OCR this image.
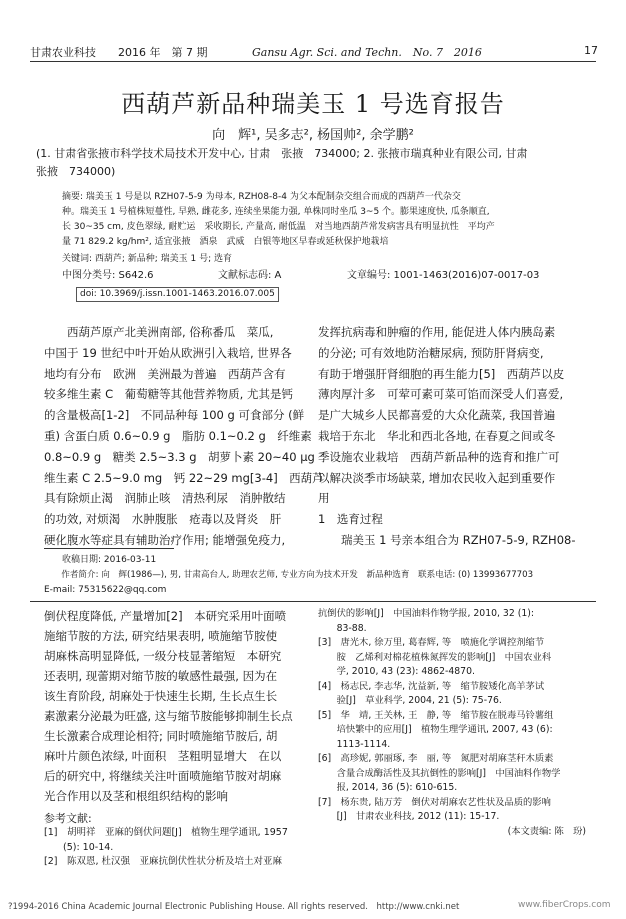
甘肃农业科技 2016 年　第 7 期	Gansu Agr. Sci. and Techn.　No. 7　2016	17
西葫芦新品种瑞美玉 1 号选育报告
向　辉¹, 吴多志², 杨国帅², 余学鹏²
(1. 甘肃省张掖市科学技术局技术开发中心, 甘肃　张掖　734000; 2. 张掖市瑞真种业有限公司, 甘肃
张掖　734000)
摘要: 瑞美玉 1 号是以 RZH07-5-9 为母本, RZH08-8-4 为父本配制杂交组合而成的西葫芦一代杂交
种。瑞美玉 1 号植株短蔓性, 早熟, 雌花多, 连续坐果能力强, 单株同时坐瓜 3~5 个。膨果速度快, 瓜条顺直,
长 30~35 cm, 皮色翠绿, 耐贮运　采收期长, 产量高, 耐低温　对当地西葫芦常发病害具有明显抗性　平均产
量 71 829.2 kg/hm², 适宜张掖　酒泉　武威　白银等地区早春或延秋保护地栽培
关键词: 西葫芦; 新品种; 瑞美玉 1 号; 选育
中图分类号: S642.6	文献标志码: A	文章编号: 1001-1463(2016)07-0017-03
doi: 10.3969/j.issn.1001-1463.2016.07.005
　　西葫芦原产北美洲南部, 俗称番瓜　菜瓜,
中国于 19 世纪中叶开始从欧洲引入栽培, 世界各
地均有分布　欧洲　美洲最为普遍　西葫芦含有
较多维生素 C　葡萄糖等其他营养物质, 尤其是钙
的含量极高[1-2]　不同品种每 100 g 可食部分 (鲜
重) 含蛋白质 0.6~0.9 g　脂肪 0.1~0.2 g　纤维素
0.8~0.9 g　糖类 2.5~3.3 g　胡萝卜素 20~40 μg
维生素 C 2.5~9.0 mg　钙 22~29 mg[3-4]　西葫芦
具有除烦止渴　润肺止咳　清热利尿　消肿散结
的功效, 对烦渴　水肿腹胀　疮毒以及肾炎　肝
硬化腹水等症具有辅助治疗作用; 能增强免疫力,
发挥抗病毒和肿瘤的作用, 能促进人体内胰岛素
的分泌; 可有效地防治糖尿病, 预防肝肾病变,
有助于增强肝肾细胞的再生能力[5]　西葫芦以皮
薄肉厚汁多　可荤可素可菜可馅而深受人们喜爱,
是广大城乡人民都喜爱的大众化蔬菜, 我国普遍
栽培于东北　华北和西北各地, 在春夏之间或冬
季设施农业栽培　西葫芦新品种的选育和推广可
以解决淡季市场缺菜, 增加农民收入起到重要作
用
1　选育过程
　　瑞美玉 1 号亲本组合为 RZH07-5-9, RZH08-
　　收稿日期: 2016-03-11
　　作者简介: 向　辉(1986—), 男, 甘肃高台人, 助理农艺师, 专业方向为技术开发　新品种选育　联系电话: (0) 13993677703
E-mail: 75315622@qq.com
倒伏程度降低, 产量增加[2]　本研究采用叶面喷
施缩节胺的方法, 研究结果表明, 喷施缩节胺使
胡麻株高明显降低, 一级分枝显著缩短　本研究
还表明, 现蕾期对缩节胺的敏感性最强, 因为在
该生育阶段, 胡麻处于快速生长期, 生长点生长
素激素分泌最为旺盛, 这与缩节胺能够抑制生长点
生长激素合成理论相符; 同时喷施缩节胺后, 胡
麻叶片颜色浓绿, 叶面积　茎粗明显增大　在以
后的研究中, 将继续关注叶面喷施缩节胺对胡麻
光合作用以及茎和根组织结构的影响
参考文献:
[1]　胡明祥　亚麻的倒伏问题[J]　植物生理学通讯, 1957
　　(5): 10-14.
[2]　陈双恩, 杜汉强　亚麻抗倒伏性状分析及培土对亚麻
抗倒伏的影响[J]　中国油料作物学报, 2010, 32 (1):
　　83-88.
[3]　唐光木, 徐万里, 葛春辉, 等　喷施化学调控剂缩节
　　胺　乙烯利对棉花植株氮挥发的影响[J]　中国农业科
　　学, 2010, 43 (23): 4862-4870.
[4]　杨志民, 李志华, 沈益新, 等　缩节胺矮化高羊茅试
　　验[J]　草业科学, 2004, 21 (5): 75-76.
[5]　华　靖, 王关林, 王　静, 等　缩节胺在脱毒马铃薯组
　　培快繁中的应用[J]　植物生理学通讯, 2007, 43 (6):
　　1113-1114.
[6]　高珍妮, 郭丽琢, 李　丽, 等　氮肥对胡麻茎秆木质素
　　含量合成酶活性及其抗倒性的影响[J]　中国油料作物学
　　报, 2014, 36 (5): 610-615.
[7]　杨东贵, 陆万芳　倒伏对胡麻农艺性状及品质的影响
　　[J]　甘肃农业科技, 2012 (11): 15-17.
(本文责编: 陈　玢)
?1994-2016 China Academic Journal Electronic Publishing House. All rights reserved.　http://www.cnki.net	www.fiberCrops.com
